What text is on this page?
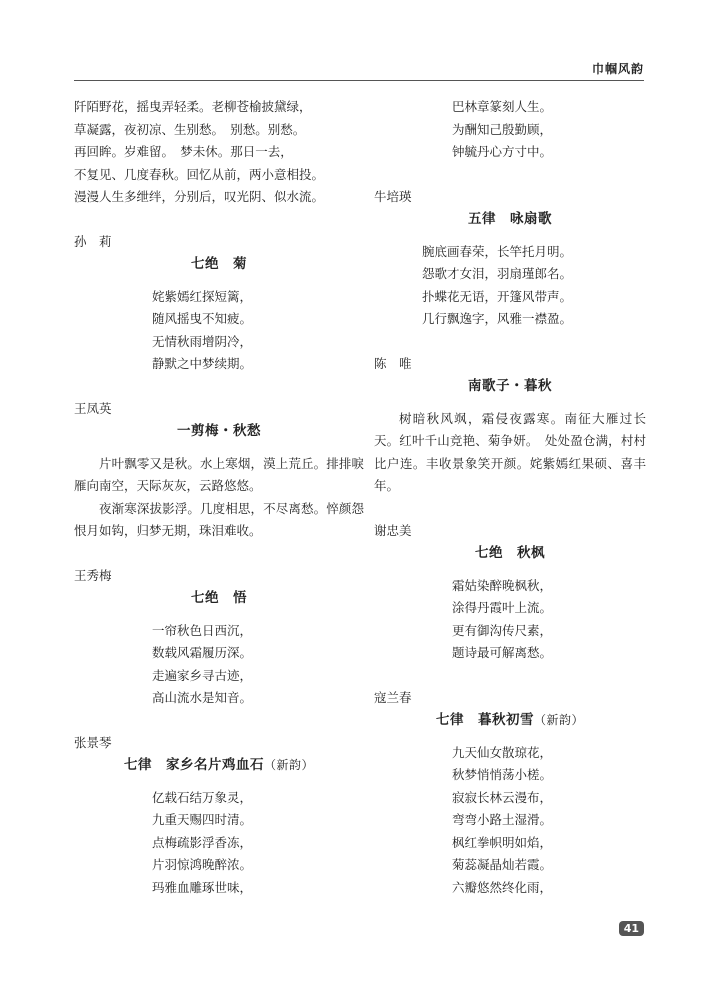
巾帼风韵

阡陌野花，摇曳弄轻柔。老柳苍榆披黛绿，

草凝露，夜初凉、生别愁。　别愁。别愁。

再回眸。岁难留。　梦未休。那日一去，

不复见、几度春秋。回忆从前，两小意相投。

漫漫人生多绁绊，分别后，叹光阴、似水流。

孙　莉

七绝　菊

姹紫嫣红探短篱，
随风摇曳不知疲。
无情秋雨增阴冷，
静默之中梦续期。

王凤英

一剪梅・秋愁

片叶飘零又是秋。水上寒烟，漠上荒丘。排排唳雁向南空，天际灰灰，云路悠悠。

夜渐寒深拔影浮。几度相思，不尽离愁。悴颜怨恨月如钩，归梦无期，珠泪难收。

王秀梅

七绝　悟

一帘秋色日西沉，
数载风霜履历深。
走遍家乡寻古迹，
高山流水是知音。

张景琴

七律　家乡名片鸡血石（新韵）

亿载石结万象灵，
九重天赐四时清。
点梅疏影浮香冻，
片羽惊鸿晚醉浓。
玛雅血雕琢世味，
巴林章篆刻人生。
为酬知己殷勤顾，
钟毓丹心方寸中。

牛培瑛

五律　咏扇歌

腕底画春荣，长竿托月明。
怨歌才女泪，羽扇瑾郎名。
扑蝶花无语，开篷风带声。
几行飘逸字，风雅一襟盈。

陈　唯

南歌子・暮秋

树暗秋风飒，霜侵夜露寒。南征大雁过长天。红叶千山竞艳、菊争妍。　处处盈仓满，村村比户连。丰收景象笑开颜。姹紫嫣红果硕、喜丰年。

谢忠美

七绝　秋枫

霜姑染醉晚枫秋，
涂得丹霞叶上流。
更有御沟传尺素，
题诗最可解离愁。

寇兰春

七律　暮秋初雪（新韵）

九天仙女散琼花，
秋梦悄悄荡小槎。
寂寂长林云漫布，
弯弯小路土湿滑。
枫红拳帜明如焰，
菊蕊凝晶灿若霞。
六瓣悠然终化雨，
41
